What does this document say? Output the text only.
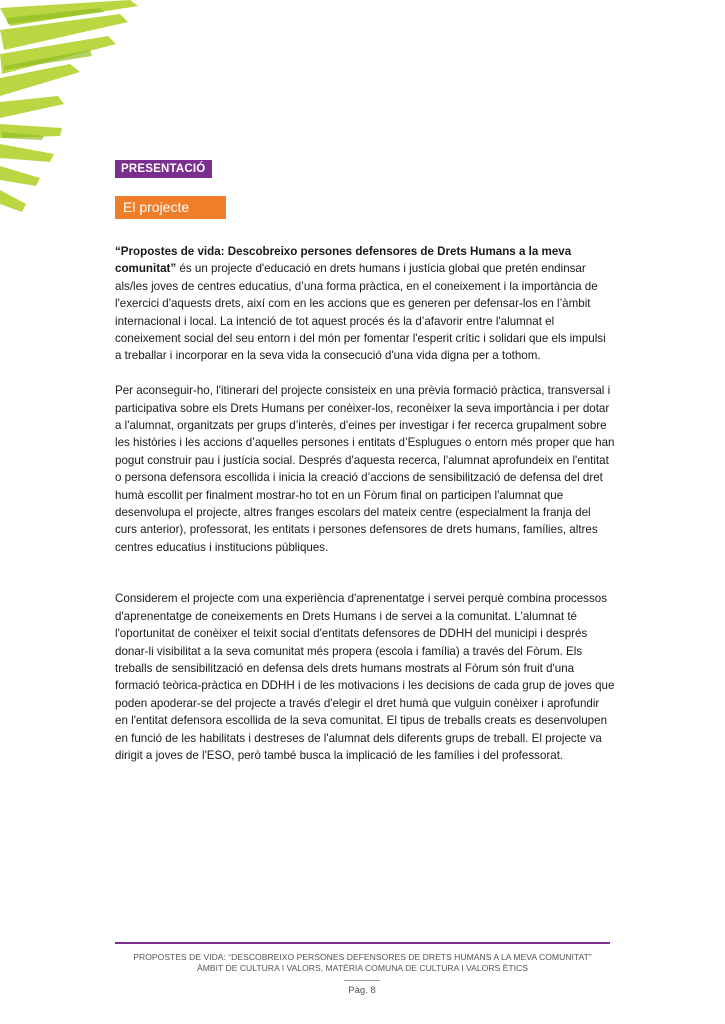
PRESENTACIÓ
El projecte

“Propostes de vida: Descobreixo persones defensores de Drets Humans a la meva comunitat” és un projecte d'educació en drets humans i justícia global que pretén endinsar als/les joves de centres educatius, d’una forma pràctica, en el coneixement i la importància de l'exercici d'aquests drets, així com en les accions que es generen per defensar-los en l’àmbit internacional i local. La intenció de tot aquest procés és la d’afavorir entre l'alumnat el coneixement social del seu entorn i del món per fomentar l'esperit crític i solidari que els impulsi a treballar i incorporar en la seva vida la consecució d'una vida digna per a tothom.

Per aconseguir-ho, l'itinerari del projecte consisteix en una prèvia formació pràctica, transversal i participativa sobre els Drets Humans per conèixer-los, reconèixer la seva importància i per dotar a l'alumnat, organitzats per grups d’interès, d'eines per investigar i fer recerca grupalment sobre les històries i les accions d’aquelles persones i entitats d’Esplugues o entorn més proper que han pogut construir pau i justícia social. Després d'aquesta recerca, l'alumnat aprofundeix en l'entitat o persona defensora escollida i inicia la creació d’accions de sensibilització de defensa del dret humà escollit per finalment mostrar-ho tot en un Fòrum final on participen l'alumnat que desenvolupa el projecte, altres franges escolars del mateix centre (especialment la franja del curs anterior), professorat, les entitats i persones defensores de drets humans, famílies, altres centres educatius i institucions públiques.

Considerem el projecte com una experiència d'aprenentatge i servei perquè combina processos d'aprenentatge de coneixements en Drets Humans i de servei a la comunitat. L'alumnat té l'oportunitat de conèixer el teixit social d'entitats defensores de DDHH del municipi i després donar-li visibilitat a la seva comunitat més propera (escola i família) a través del Fòrum. Els treballs de sensibilització en defensa dels drets humans mostrats al Fòrum són fruit d'una formació teòrica-pràctica en DDHH i de les motivacions i les decisions de cada grup de joves que poden apoderar-se del projecte a través d'elegir el dret humà que vulguin conèixer i aprofundir en l'entitat defensora escollida de la seva comunitat. El tipus de treballs creats es desenvolupen en funció de les habilitats i destreses de l'alumnat dels diferents grups de treball. El projecte va dirigit a joves de l'ESO, però també busca la implicació de les famílies i del professorat.

PROPOSTES DE VIDA: “DESCOBREIXO PERSONES DEFENSORES DE DRETS HUMANS A LA MEVA COMUNITAT”
ÀMBIT DE CULTURA I VALORS, MATÈRIA COMUNA DE CULTURA I VALORS ÈTICS
Pàg. 8
